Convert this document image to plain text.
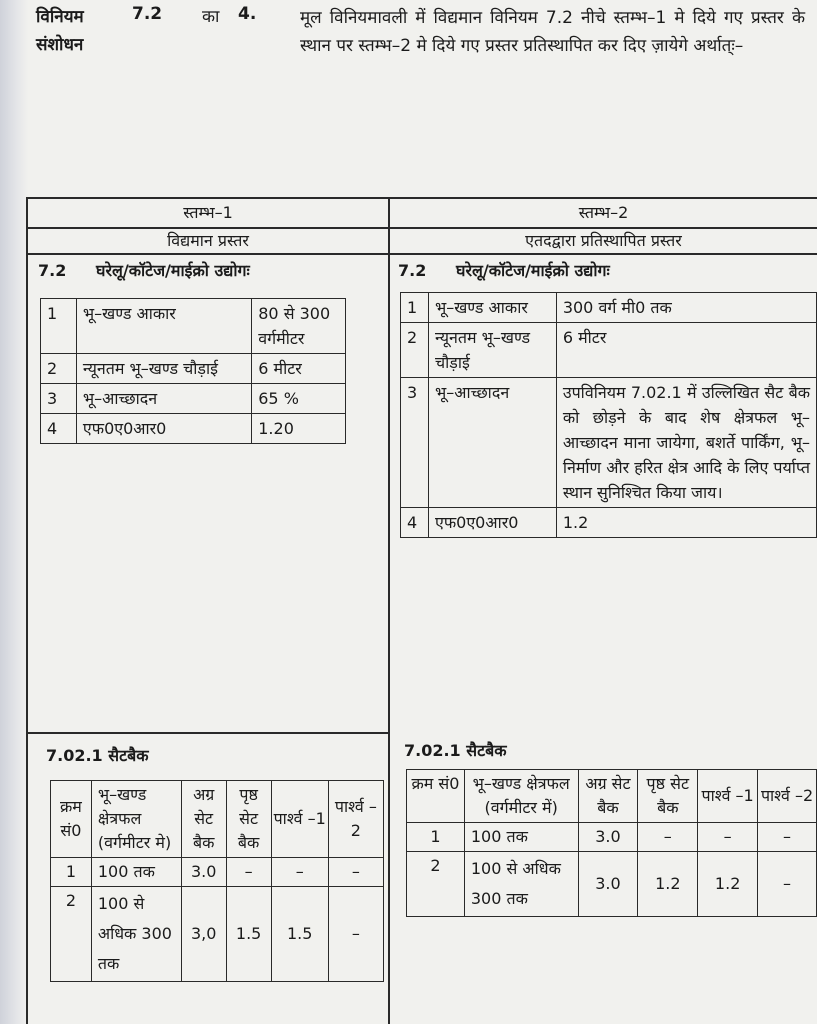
विनियम
संशोधन
7.2 का 4.	मूल विनियमावली में विद्यमान विनियम 7.2 नीचे स्तम्भ–1 मे दिये गए प्रस्तर के स्थान पर स्तम्भ–2 मे दिये गए प्रस्तर प्रतिस्थापित कर दिए ज़ायेगे अर्थात्ः–
स्तम्भ–1	स्तम्भ–2
विद्यमान प्रस्तर	एतदद्वारा प्रतिस्थापित प्रस्तर
7.2 घरेलू/कॉटेज/माईक्रो उद्योगः	7.2 घरेलू/कॉटेज/माईक्रो उद्योगः
1	भू–खण्ड आकार	80 से 300 वर्गमीटर
2	न्यूनतम भू–खण्ड चौड़ाई	6 मीटर
3	भू–आच्छादन	65 %
4	एफ0ए0आर0	1.20
1	भू–खण्ड आकार	300 वर्ग मी0 तक
2	न्यूनतम भू–खण्ड चौड़ाई	6 मीटर
3	भू–आच्छादन	उपविनियम 7.02.1 में उल्लिखित सैट बैक को छोड़ने के बाद शेष क्षेत्रफल भू–आच्छादन माना जायेगा, बशर्ते पार्किंग, भू–निर्माण और हरित क्षेत्र आदि के लिए पर्याप्त स्थान सुनिश्चित किया जाय।
4	एफ0ए0आर0	1.2
7.02.1 सैटबैक	7.02.1 सैटबैक
क्रम सं0	भू–खण्ड क्षेत्रफल (वर्गमीटर मे)	अग्र सेट बैक	पृष्ठ सेट बैक	पार्श्व –1	पार्श्व –2
1	100 तक	3.0	–	–	–
2	100 से अधिक 300 तक	3,0	1.5	1.5	–
क्रम सं0	भू–खण्ड क्षेत्रफल (वर्गमीटर में)	अग्र सेट बैक	पृष्ठ सेट बैक	पार्श्व –1	पार्श्व –2
1	100 तक	3.0	–	–	–
2	100 से अधिक 300 तक	3.0	1.2	1.2	–
